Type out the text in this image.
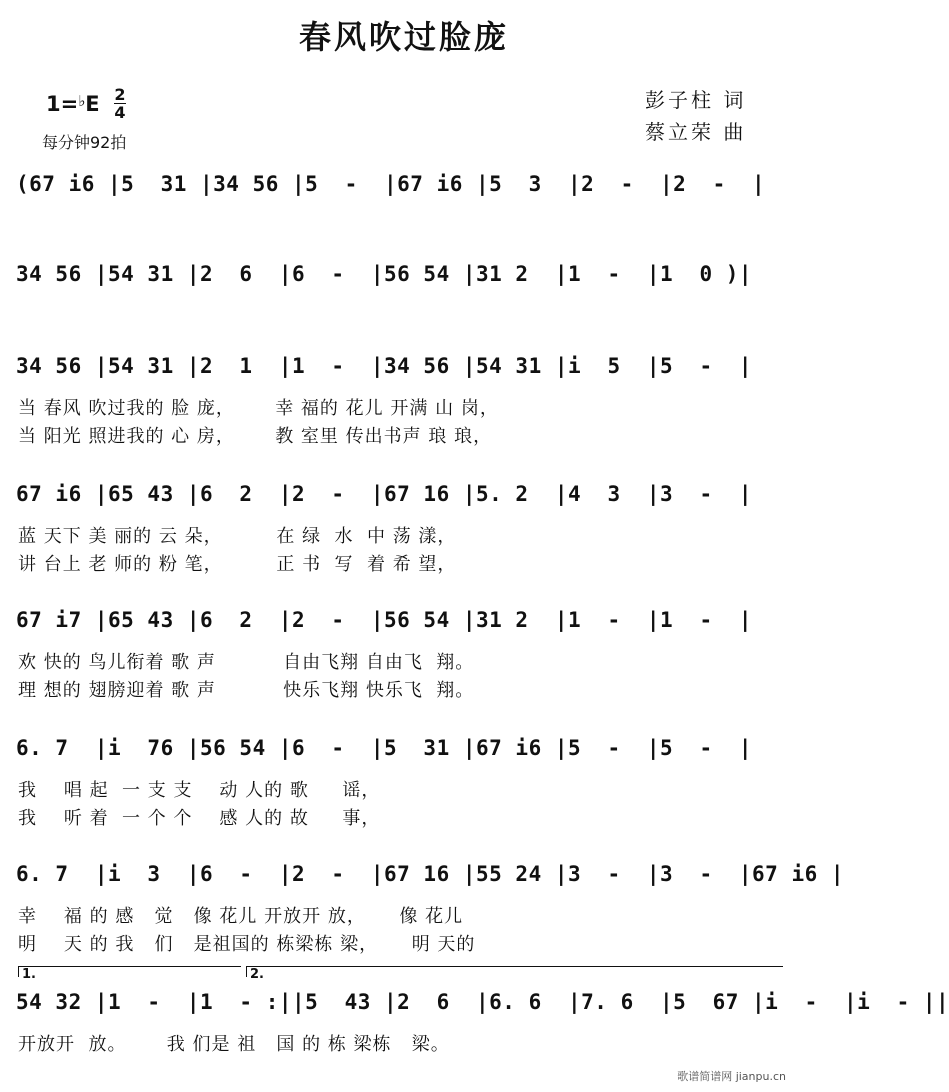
春风吹过脸庞
$1=^♭E \frac{2}{4}$
每分钟92拍
彭子柱 词
蔡立荣 曲
(67 i6 |5  31 |34 56 |5  -  |67 i6 |5  3  |2  -  |2  -  |
34 56 |54 31 |2  6  |6  -  |56 54 |31 2  |1  -  |1  0 )|
34 56 |54 31 |2  1  |1  -  |34 56 |54 31 |i  5  |5  -  |
当 春风 吹过我的 脸 庞，      幸 福的 花儿 开满 山 岗，
当 阳光 照进我的 心 房，      教 室里 传出书声 琅 琅，
67 i6 |65 43 |6  2  |2  -  |67 16 |5. 2  |4  3  |3  -  |
蓝 天下 美 丽的 云 朵，        在 绿  水  中 荡 漾，
讲 台上 老 师的 粉 笔，        正 书  写  着 希 望，
67 i7 |65 43 |6  2  |2  -  |56 54 |31 2  |1  -  |1  -  |
欢 快的 鸟儿衔着 歌 声          自由飞翔 自由飞  翔。
理 想的 翅膀迎着 歌 声          快乐飞翔 快乐飞  翔。
6. 7  |i  76 |56 54 |6  -  |5  31 |67 i6 |5  -  |5  -  |
我    唱 起  一 支 支    动 人的 歌     谣，
我    听 着  一 个 个    感 人的 故     事，
6. 7  |i  3  |6  -  |2  -  |67 16 |55 24 |3  -  |3  -  |67 i6 |
幸    福 的 感   觉   像 花儿 开放开 放，     像 花儿
明    天 的 我   们   是祖国的 栋梁栋 梁，     明 天的
1.	2.
54 32 |1  -  |1  - :||5  43 |2  6  |6. 6  |7. 6  |5  67 |i  -  |i  - ||
开放开  放。      我 们是 祖   国 的 栋 梁栋   梁。
歌谱简谱网 jianpu.cn
